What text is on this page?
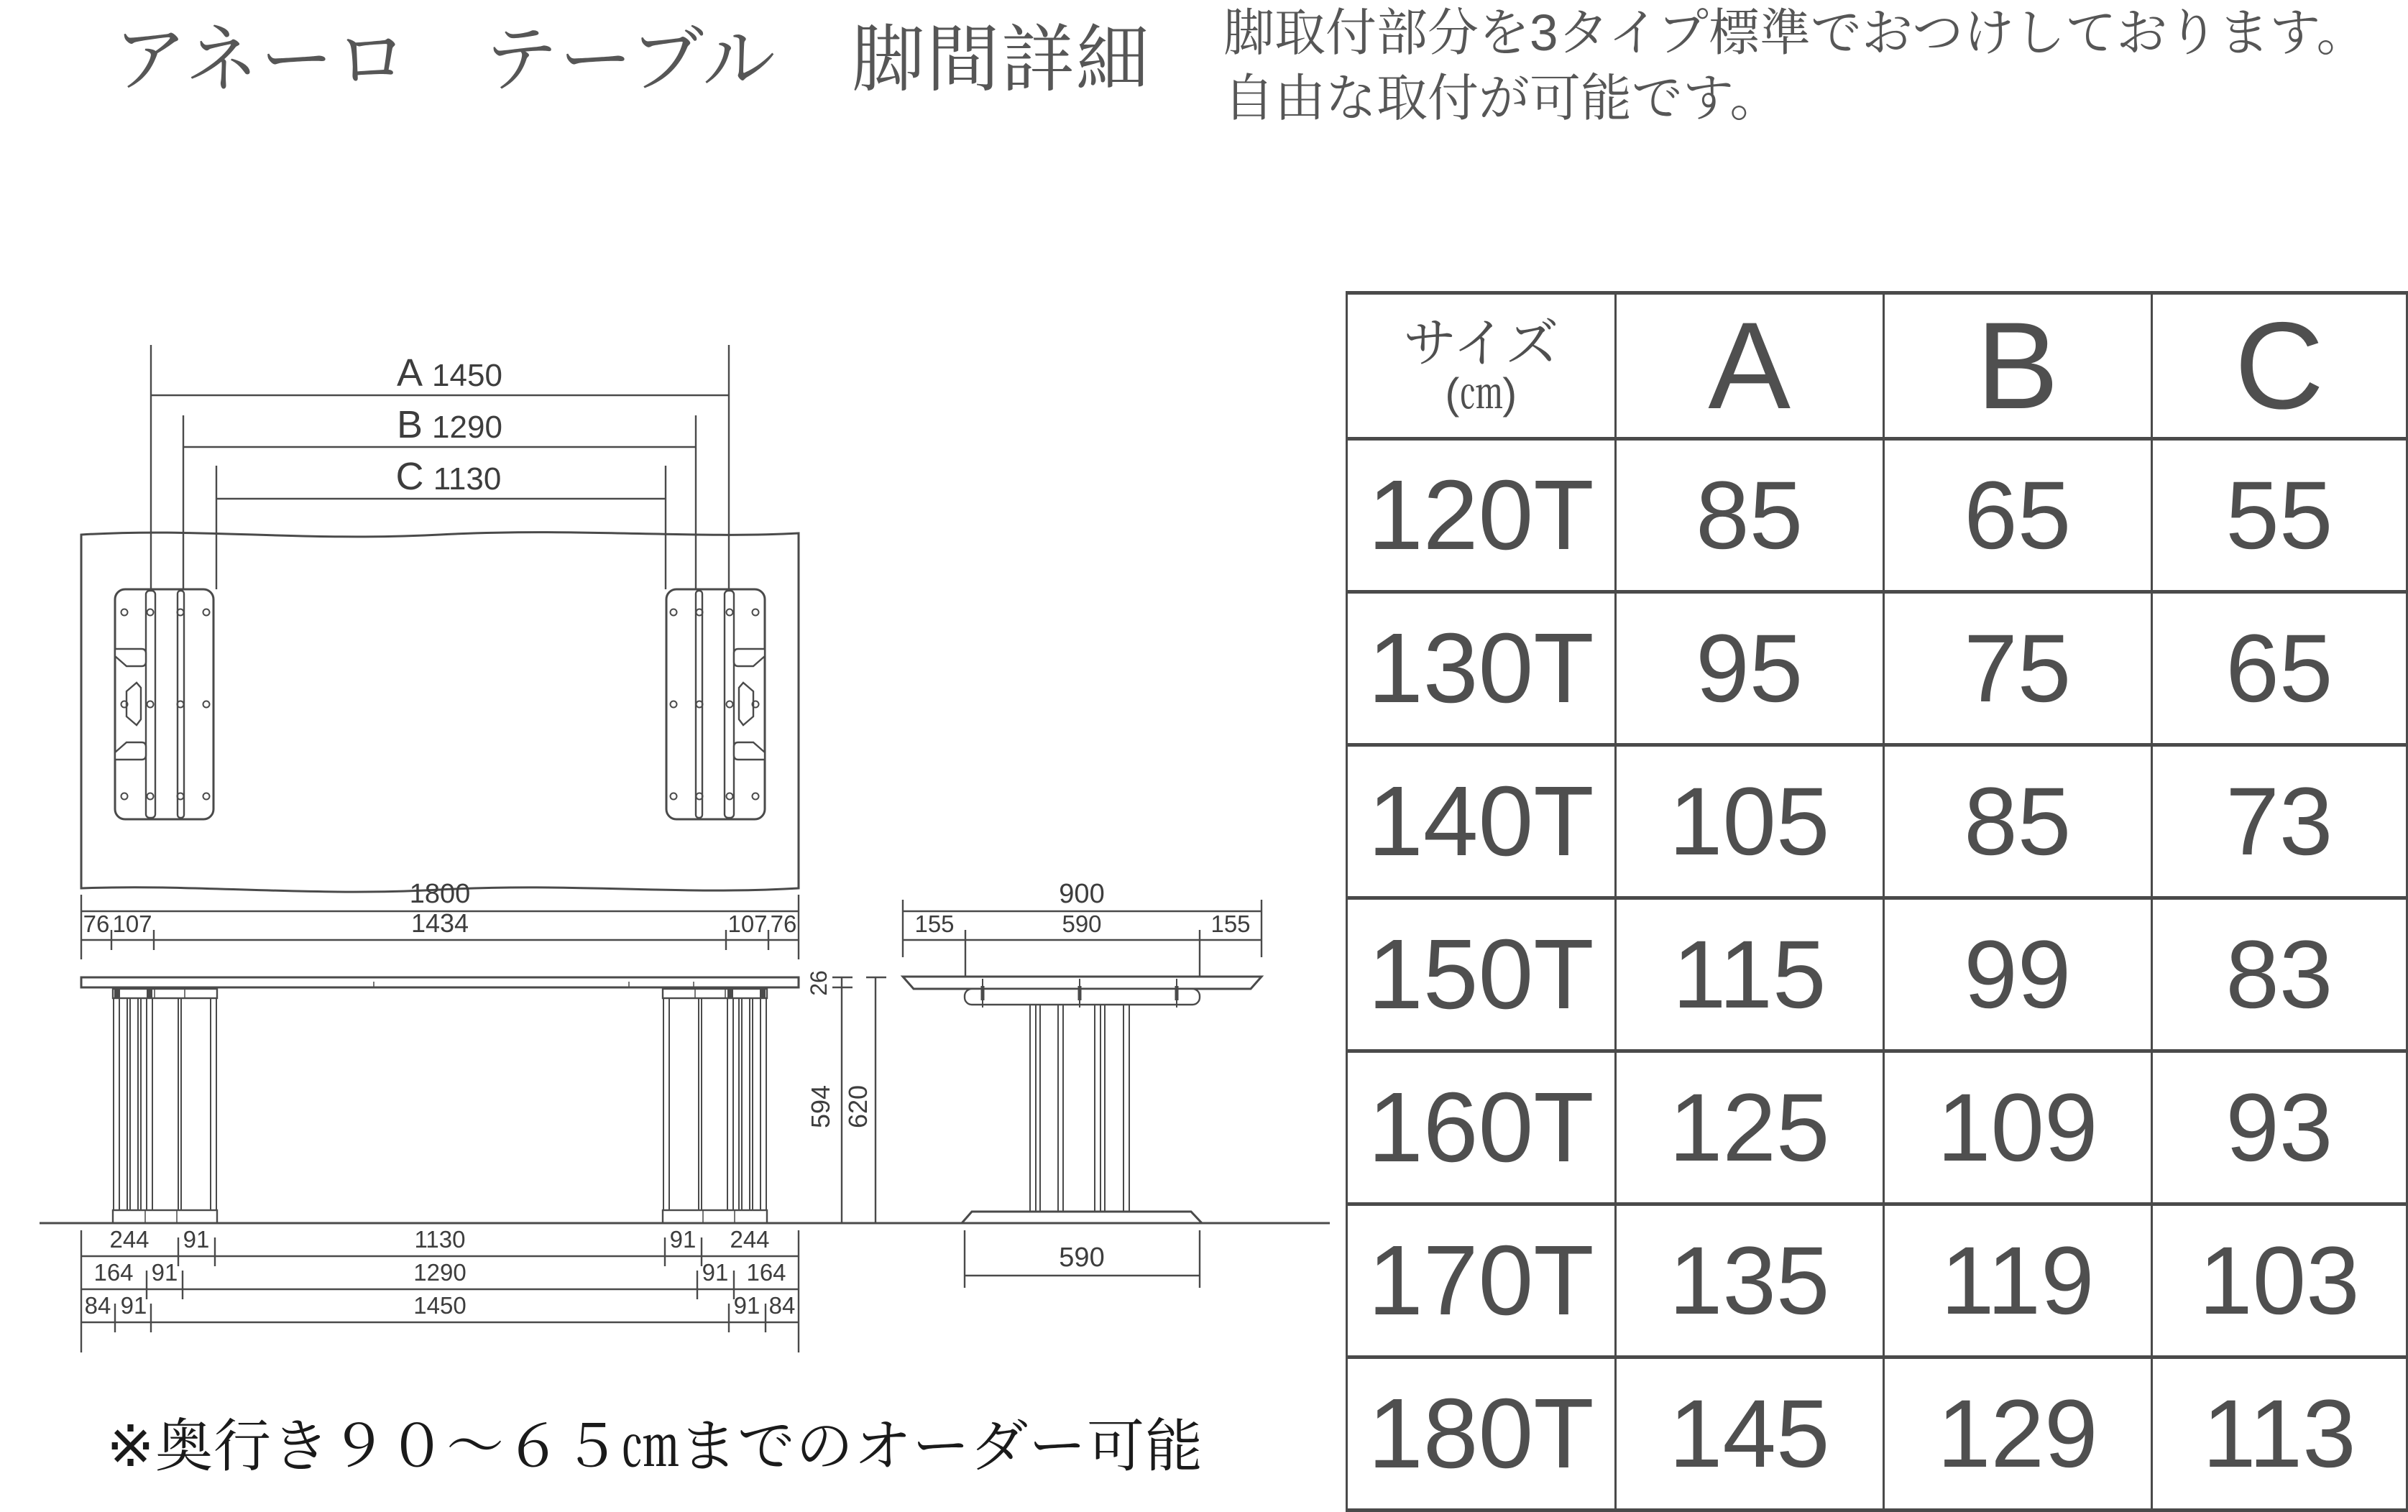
アネーロ　テーブル　脚間詳細 脚取付部分を3タイプ標準でおつけしております。
自由な取付が可能です。
A 1450
B 1290
C 1130
1800
76 107	1434	107 76
26
594 620
244 91	1130	91 244
164 91	1290	91 164
84 91	1450	91 84
900
155	590	155
590
サイズ
(㎝)	A	B	C
120T	85	65	55
130T	95	75	65
140T	105	85	73
150T	115	99	83
160T	125	109	93
170T	135	119	103
180T	145	129	113
※奥行き９０～６５㎝までのオーダー可能
